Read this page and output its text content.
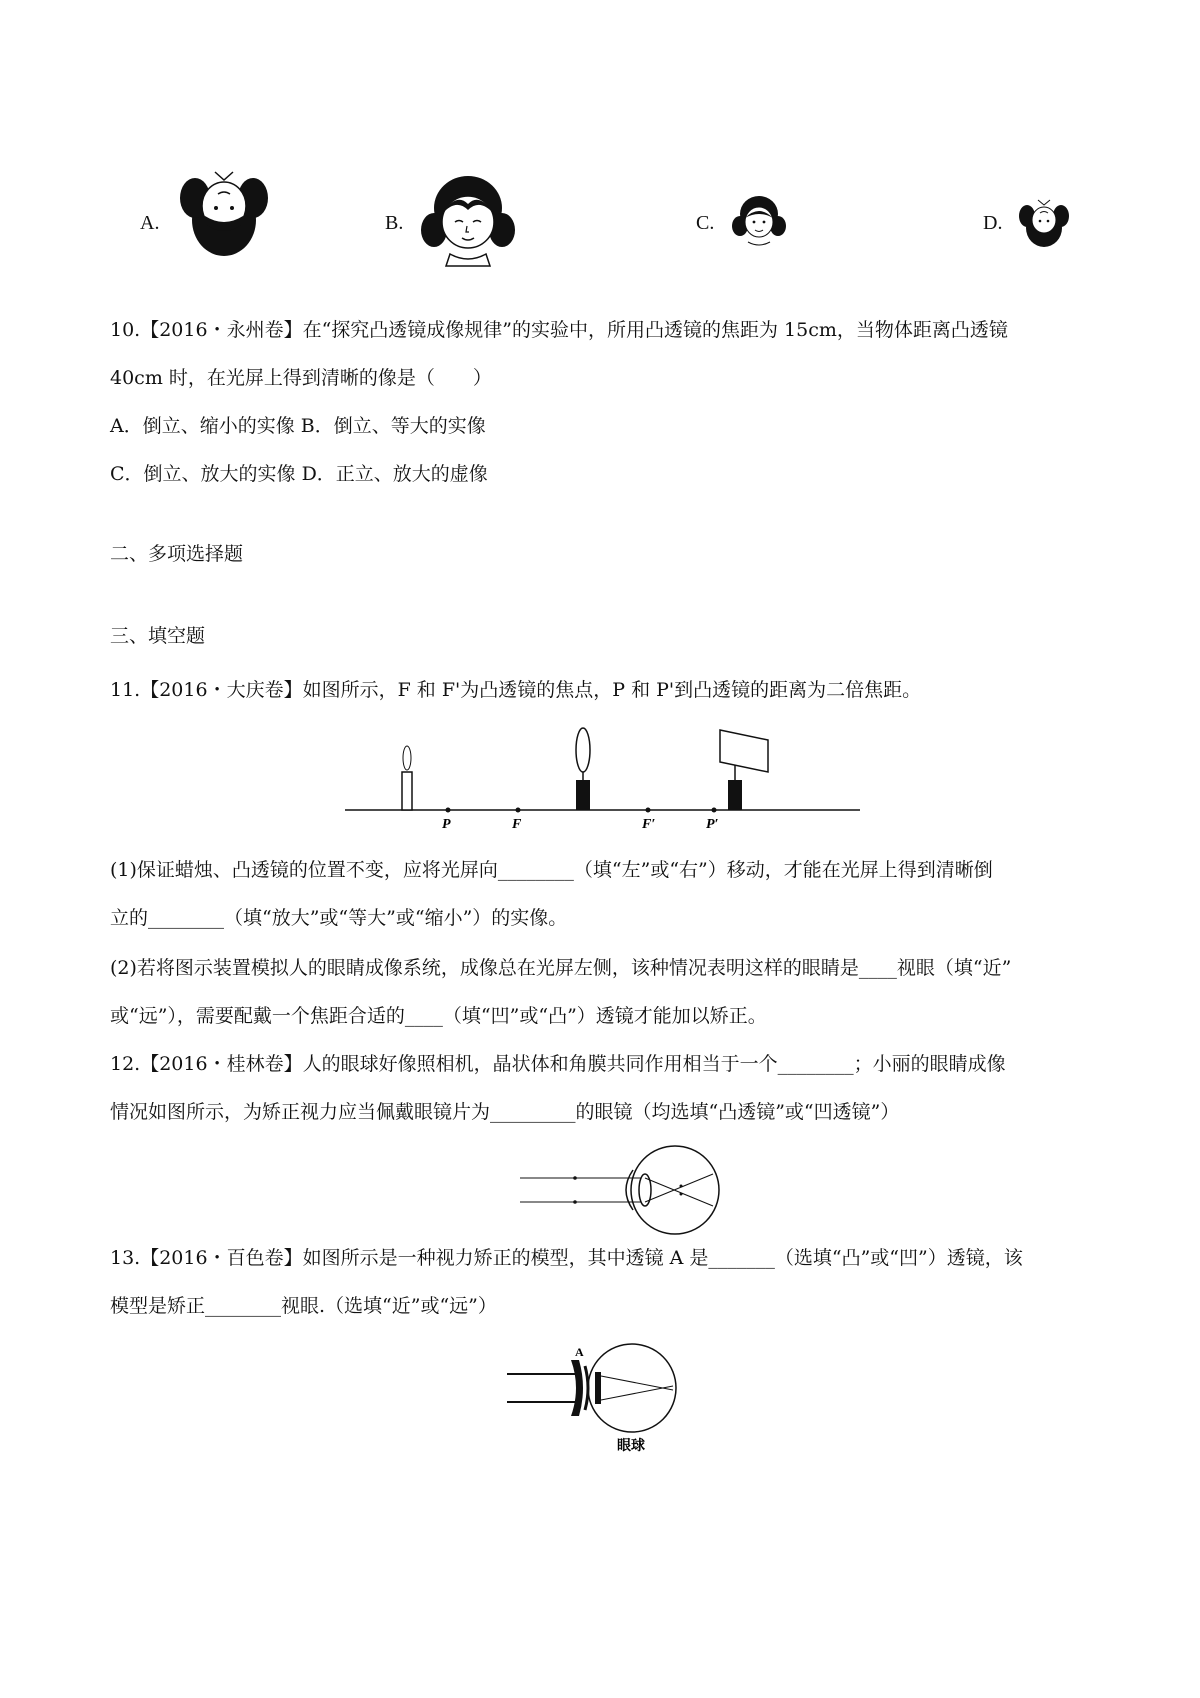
A.	B.	C.	D.
10.【2016・永州卷】在“探究凸透镜成像规律”的实验中，所用凸透镜的焦距为 15cm，当物体距离凸透镜
40cm 时，在光屏上得到清晰的像是（　　）
A．倒立、缩小的实像 B．倒立、等大的实像
C．倒立、放大的实像 D．正立、放大的虚像
二、多项选择题
三、填空题
11.【2016・大庆卷】如图所示，F 和 F'为凸透镜的焦点，P 和 P'到凸透镜的距离为二倍焦距。
P	F	F′	P′
(1)保证蜡烛、凸透镜的位置不变，应将光屏向________（填“左”或“右”）移动，才能在光屏上得到清晰倒
立的________（填“放大”或“等大”或“缩小”）的实像。
(2)若将图示装置模拟人的眼睛成像系统，成像总在光屏左侧，该种情况表明这样的眼睛是____视眼（填“近”
或“远”），需要配戴一个焦距合适的____（填“凹”或“凸”）透镜才能加以矫正。
12.【2016・桂林卷】人的眼球好像照相机，晶状体和角膜共同作用相当于一个________；小丽的眼睛成像
情况如图所示，为矫正视力应当佩戴眼镜片为_________的眼镜（均选填“凸透镜”或“凹透镜”）
13.【2016・百色卷】如图所示是一种视力矫正的模型，其中透镜 A 是_______（选填“凸”或“凹”）透镜，该
模型是矫正________视眼.（选填“近”或“远”）
A
眼球
